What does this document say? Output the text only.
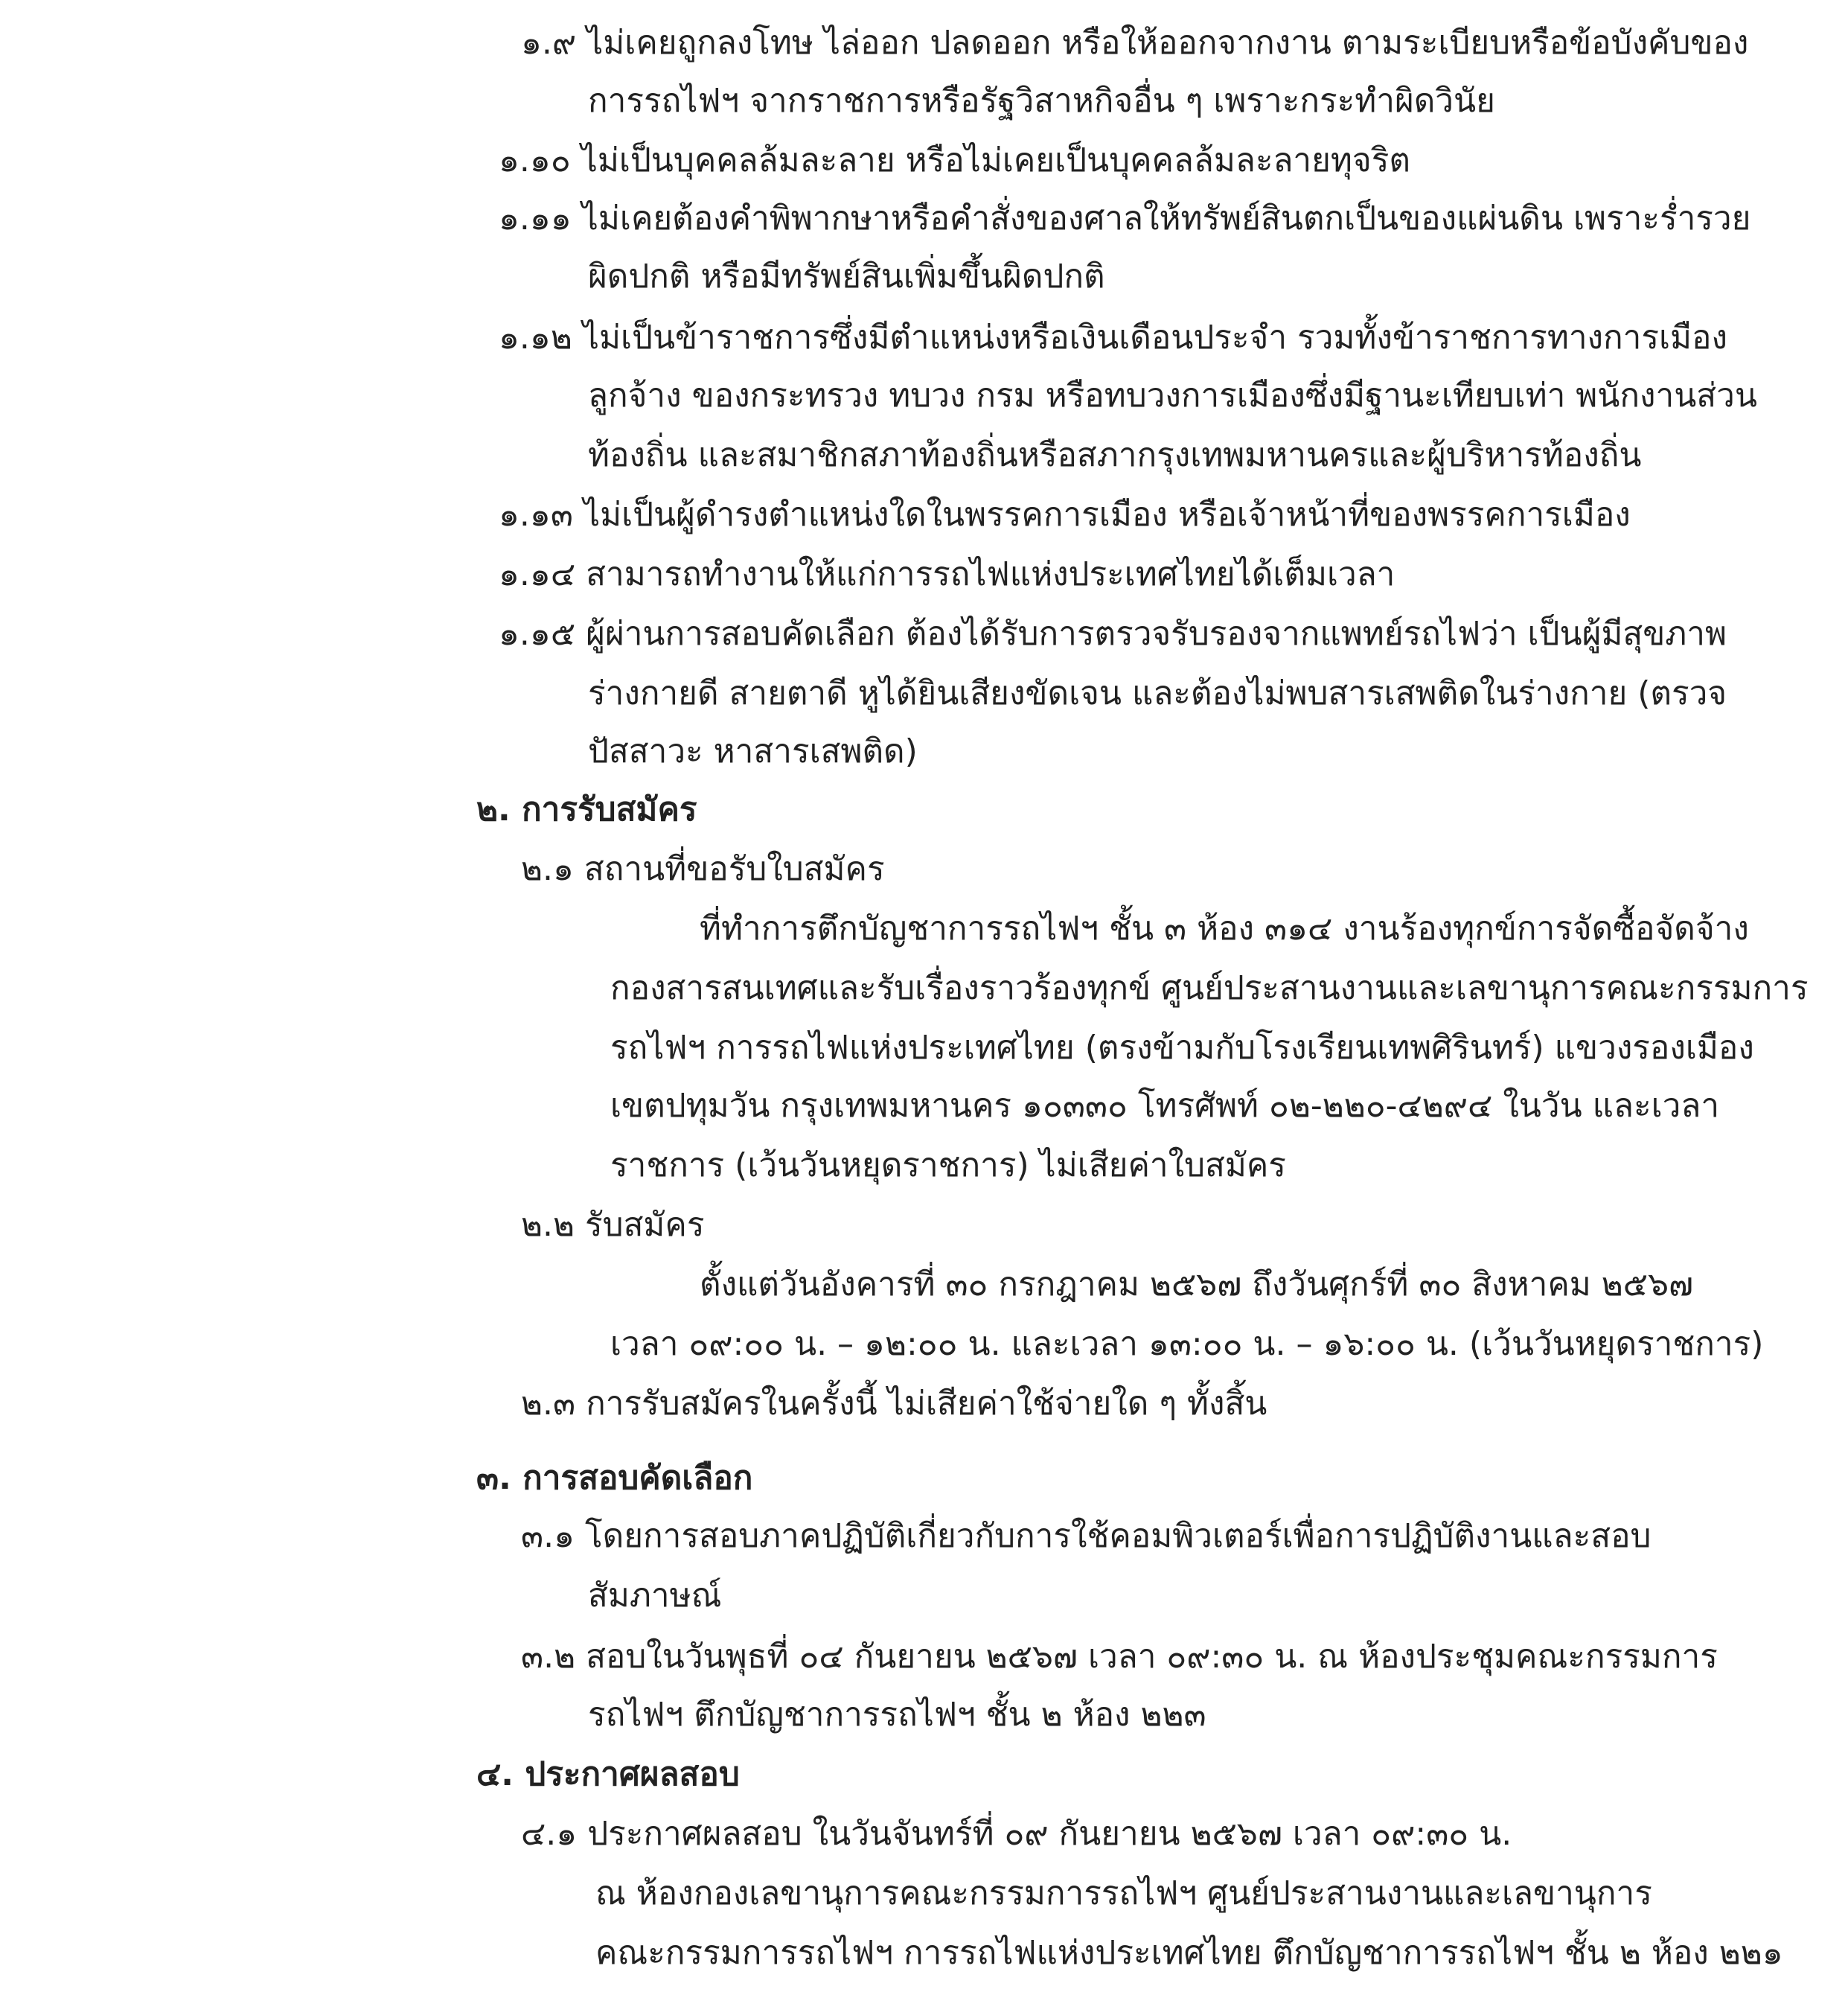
๑.๙ ไม่เคยถูกลงโทษ ไล่ออก ปลดออก หรือให้ออกจากงาน ตามระเบียบหรือข้อบังคับของ
การรถไฟฯ จากราชการหรือรัฐวิสาหกิจอื่น ๆ เพราะกระทำผิดวินัย
๑.๑๐ ไม่เป็นบุคคลล้มละลาย หรือไม่เคยเป็นบุคคลล้มละลายทุจริต
๑.๑๑ ไม่เคยต้องคำพิพากษาหรือคำสั่งของศาลให้ทรัพย์สินตกเป็นของแผ่นดิน เพราะร่ำรวย
ผิดปกติ หรือมีทรัพย์สินเพิ่มขึ้นผิดปกติ
๑.๑๒ ไม่เป็นข้าราชการซึ่งมีตำแหน่งหรือเงินเดือนประจำ รวมทั้งข้าราชการทางการเมือง
ลูกจ้าง ของกระทรวง ทบวง กรม หรือทบวงการเมืองซึ่งมีฐานะเทียบเท่า พนักงานส่วน
ท้องถิ่น และสมาชิกสภาท้องถิ่นหรือสภากรุงเทพมหานครและผู้บริหารท้องถิ่น
๑.๑๓ ไม่เป็นผู้ดำรงตำแหน่งใดในพรรคการเมือง หรือเจ้าหน้าที่ของพรรคการเมือง
๑.๑๔ สามารถทำงานให้แก่การรถไฟแห่งประเทศไทยได้เต็มเวลา
๑.๑๕ ผู้ผ่านการสอบคัดเลือก ต้องได้รับการตรวจรับรองจากแพทย์รถไฟว่า เป็นผู้มีสุขภาพ
ร่างกายดี สายตาดี หูได้ยินเสียงขัดเจน และต้องไม่พบสารเสพติดในร่างกาย (ตรวจ
ปัสสาวะ หาสารเสพติด)
๒. การรับสมัคร
๒.๑ สถานที่ขอรับใบสมัคร
ที่ทำการตึกบัญชาการรถไฟฯ ชั้น ๓ ห้อง ๓๑๔ งานร้องทุกข์การจัดซื้อจัดจ้าง
กองสารสนเทศและรับเรื่องราวร้องทุกข์ ศูนย์ประสานงานและเลขานุการคณะกรรมการ
รถไฟฯ การรถไฟแห่งประเทศไทย (ตรงข้ามกับโรงเรียนเทพศิรินทร์) แขวงรองเมือง
เขตปทุมวัน กรุงเทพมหานคร ๑๐๓๓๐ โทรศัพท์ ๐๒-๒๒๐-๔๒๙๔ ในวัน และเวลา
ราชการ (เว้นวันหยุดราชการ) ไม่เสียค่าใบสมัคร
๒.๒ รับสมัคร
ตั้งแต่วันอังคารที่ ๓๐ กรกฎาคม ๒๕๖๗ ถึงวันศุกร์ที่ ๓๐ สิงหาคม ๒๕๖๗
เวลา ๐๙:๐๐ น. – ๑๒:๐๐ น. และเวลา ๑๓:๐๐ น. – ๑๖:๐๐ น. (เว้นวันหยุดราชการ)
๒.๓ การรับสมัครในครั้งนี้ ไม่เสียค่าใช้จ่ายใด ๆ ทั้งสิ้น
๓. การสอบคัดเลือก
๓.๑ โดยการสอบภาคปฏิบัติเกี่ยวกับการใช้คอมพิวเตอร์เพื่อการปฏิบัติงานและสอบ
สัมภาษณ์
๓.๒ สอบในวันพุธที่ ๐๔ กันยายน ๒๕๖๗ เวลา ๐๙:๓๐ น. ณ ห้องประชุมคณะกรรมการ
รถไฟฯ ตึกบัญชาการรถไฟฯ ชั้น ๒ ห้อง ๒๒๓
๔. ประกาศผลสอบ
๔.๑ ประกาศผลสอบ ในวันจันทร์ที่ ๐๙ กันยายน ๒๕๖๗ เวลา ๐๙:๓๐ น.
ณ ห้องกองเลขานุการคณะกรรมการรถไฟฯ ศูนย์ประสานงานและเลขานุการ
คณะกรรมการรถไฟฯ การรถไฟแห่งประเทศไทย ตึกบัญชาการรถไฟฯ ชั้น ๒ ห้อง ๒๒๑
